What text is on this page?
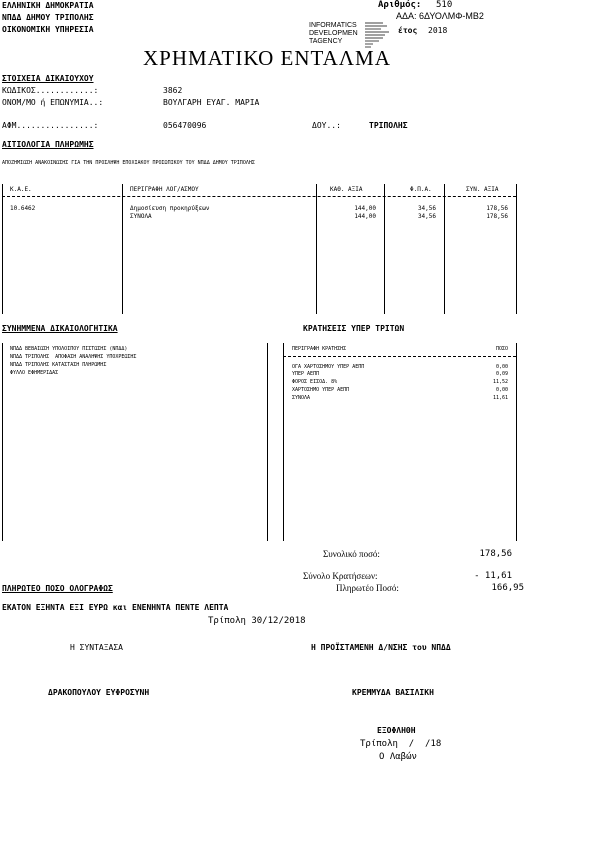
ΕΛΛΗΝΙΚΗ ΔΗΜΟΚΡΑΤΙΑ
ΝΠΔΔ ΔΗΜΟΥ ΤΡΙΠΟΛΗΣ
ΟΙΚΟΝΟΜΙΚΗ ΥΠΗΡΕΣΙΑ
Αριθμός: 510
ΑΔΑ: 6ΔΥΟΛΜΦ-ΜΒ2
INFORMATICS
DEVELOPMEN
TAGENCY
έτος 2018
ΧΡΗΜΑΤΙΚΟ ΕΝΤΑΛΜΑ
ΣΤΟΙΧΕΙΑ ΔΙΚΑΙΟΥΧΟΥ
ΚΩΔΙΚΟΣ............:	3862
ΟΝΟΜ/ΜΟ ή ΕΠΩΝΥΜΙΑ..:	ΒΟΥΛΓΑΡΗ ΕΥΑΓ. ΜΑΡΙΑ
ΑΦΜ................:	056470096	ΔΟΥ..:	ΤΡΙΠΟΛΗΣ
ΑΙΤΙΟΛΟΓΙΑ ΠΛΗΡΩΜΗΣ
ΑΠΟΖΗΜΙΩΣΗ ΑΝΑΚΟΙΝΩΣΗΣ ΓΙΑ ΤΗΝ ΠΡΟΣΛΗΨΗ ΕΠΟΧΙΑΚΟΥ ΠΡΟΣΩΠΙΚΟΥ ΤΟΥ ΝΠΔΔ ΔΗΜΟΥ ΤΡΙΠΟΛΗΣ
Κ.Α.Ε.	ΠΕΡΙΓΡΑΦΗ ΛΟΓ/ΑΣΜΟΥ	ΚΑΘ. ΑΞΙΑ	Φ.Π.Α.	ΣΥΝ. ΑΞΙΑ
10.6462	Δημοσίευση προκηρύξεων	144,00	34,56	178,56
ΣΥΝΟΛΑ	144,00	34,56	178,56
ΣΥΝΗΜΜΕΝΑ ΔΙΚΑΙΟΛΟΓΗΤΙΚΑ	ΚΡΑΤΗΣΕΙΣ ΥΠΕΡ ΤΡΙΤΩΝ
ΝΠΔΔ ΒΕΒΑΙΩΣΗ ΥΠΟΛΟΙΠΟΥ ΠΙΣΤΩΣΗΣ (ΝΠΔΔ)
ΝΠΔΔ ΤΡΙΠΟΛΗΣ  ΑΠΟΦΑΣΗ ΑΝΑΛΗΨΗΣ ΥΠΟΧΡΕΩΣΗΣ
ΝΠΔΔ ΤΡΙΠΟΛΗΣ ΚΑΤΑΣΤΑΣΗ ΠΛΗΡΩΜΗΣ
ΦΥΛΛΟ ΕΦΗΜΕΡΙΔΑΣ
ΠΕΡΙΓΡΑΦΗ ΚΡΑΤΗΣΗΣ	ΠΟΣΟ
ΟΓΑ ΧΑΡΤΟΣΗΜΟΥ ΥΠΕΡ ΑΕΠΠ	0,00
ΥΠΕΡ ΑΕΠΠ	0,09
ΦΟΡΟΣ ΕΙΣΟΔ. 8%	11,52
ΧΑΡΤΟΣΗΜΟ ΥΠΕΡ ΑΕΠΠ	0,00
ΣΥΝΟΛΑ	11,61
Συνολικό ποσό:	178,56
Σύνολο Κρατήσεων:	- 11,61
Πληρωτέο Ποσό:	166,95
ΠΛΗΡΩΤΕΟ ΠΟΣΟ ΟΛΟΓΡΑΦΩΣ
ΕΚΑΤΟΝ ΕΞΗΝΤΑ ΕΞΙ ΕΥΡΩ και ΕΝΕΝΗΝΤΑ ΠΕΝΤΕ ΛΕΠΤΑ
Τρίπολη 30/12/2018
Η ΣΥΝΤΑΞΑΣΑ	Η ΠΡΟΪΣΤΑΜΕΝΗ Δ/ΝΣΗΣ του ΝΠΔΔ
ΔΡΑΚΟΠΟΥΛΟΥ ΕΥΦΡΟΣΥΝΗ	ΚΡΕΜΜΥΔΑ ΒΑΣΙΛΙΚΗ
ΕΞΟΦΛΗΘΗ
Τρίπολη  /  /18
Ο Λαβών
